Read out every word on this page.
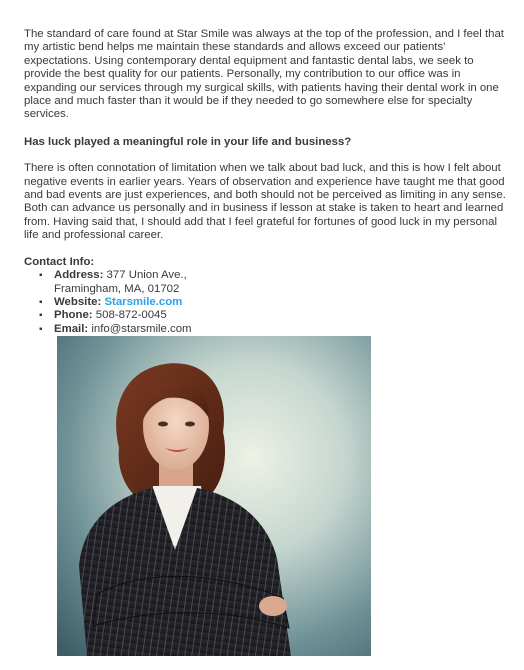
The standard of care found at Star Smile was always at the top of the profession, and I feel that my artistic bend helps me maintain these standards and allows exceed our patients' expectations. Using contemporary dental equipment and fantastic dental labs, we seek to provide the best quality for our patients. Personally, my contribution to our office was in expanding our services through my surgical skills, with patients having their dental work in one place and much faster than it would be if they needed to go somewhere else for specialty services.

Has luck played a meaningful role in your life and business?

There is often connotation of limitation when we talk about bad luck, and this is how I felt about negative events in earlier years. Years of observation and experience have taught me that good and bad events are just experiences, and both should not be perceived as limiting in any sense. Both can advance us personally and in business if lesson at stake is taken to heart and learned from. Having said that, I should add that I feel grateful for fortunes of good luck in my personal life and professional career.

Contact Info:
▪ Address: 377 Union Ave.,
Framingham, MA, 01702
▪ Website: Starsmile.com
▪ Phone: 508-872-0045
▪ Email: info@starsmile.com
